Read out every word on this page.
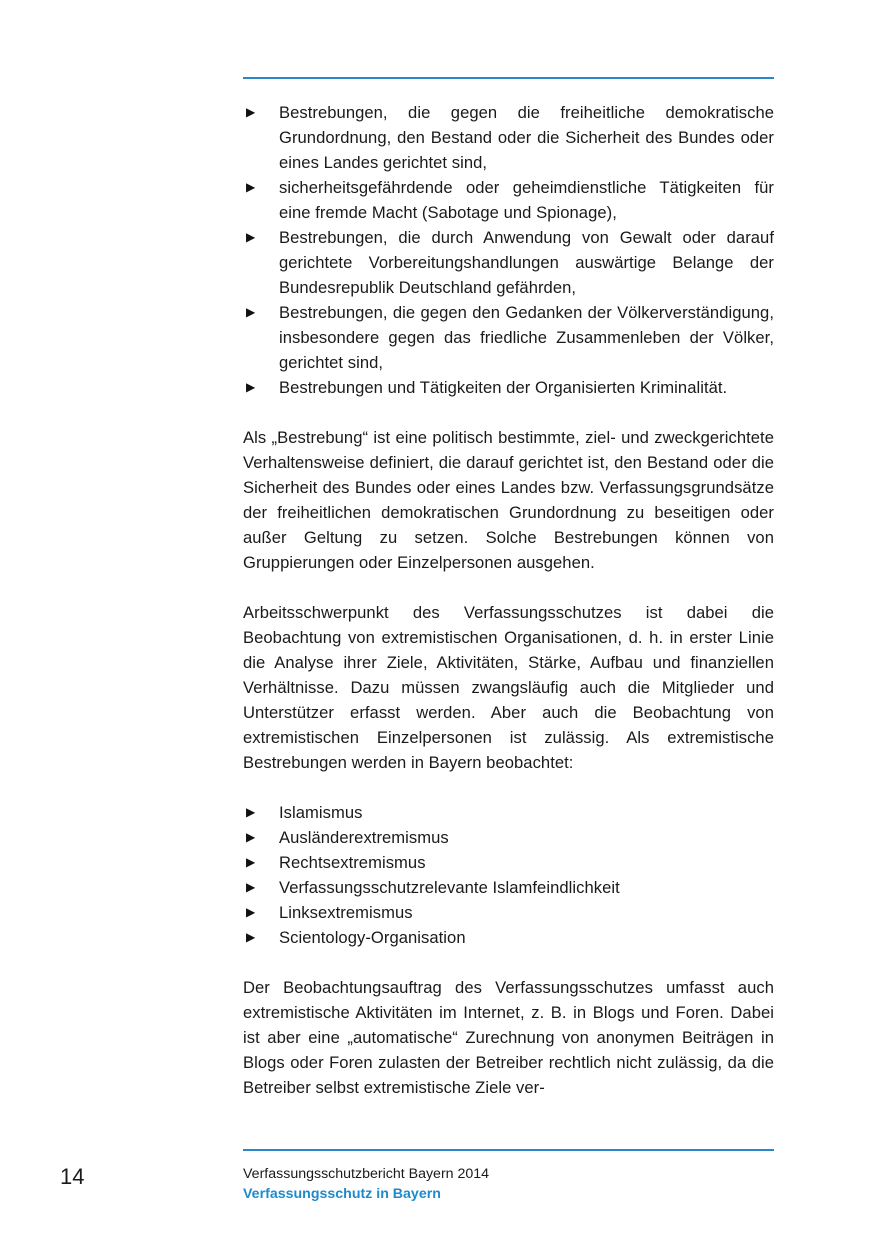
▶ Bestrebungen, die gegen die freiheitliche demokratische Grundordnung, den Bestand oder die Sicherheit des Bundes oder eines Landes gerichtet sind,
▶ sicherheitsgefährdende oder geheimdienstliche Tätigkeiten für eine fremde Macht (Sabotage und Spionage),
▶ Bestrebungen, die durch Anwendung von Gewalt oder darauf gerichtete Vorbereitungshandlungen auswärtige Belange der Bundesrepublik Deutschland gefährden,
▶ Bestrebungen, die gegen den Gedanken der Völkerverständigung, insbesondere gegen das friedliche Zusammenleben der Völker, gerichtet sind,
▶ Bestrebungen und Tätigkeiten der Organisierten Kriminalität.

Als „Bestrebung“ ist eine politisch bestimmte, ziel- und zweckgerichtete Verhaltensweise definiert, die darauf gerichtet ist, den Bestand oder die Sicherheit des Bundes oder eines Landes bzw. Verfassungsgrundsätze der freiheitlichen demokratischen Grundordnung zu beseitigen oder außer Geltung zu setzen. Solche Bestrebungen können von Gruppierungen oder Einzelpersonen ausgehen.

Arbeitsschwerpunkt des Verfassungsschutzes ist dabei die Beobachtung von extremistischen Organisationen, d. h. in erster Linie die Analyse ihrer Ziele, Aktivitäten, Stärke, Aufbau und finanziellen Verhältnisse. Dazu müssen zwangsläufig auch die Mitglieder und Unterstützer erfasst werden. Aber auch die Beobachtung von extremistischen Einzelpersonen ist zulässig. Als extremistische Bestrebungen werden in Bayern beobachtet:

▶ Islamismus
▶ Ausländerextremismus
▶ Rechtsextremismus
▶ Verfassungsschutzrelevante Islamfeindlichkeit
▶ Linksextremismus
▶ Scientology-Organisation

Der Beobachtungsauftrag des Verfassungsschutzes umfasst auch extremistische Aktivitäten im Internet, z. B. in Blogs und Foren. Dabei ist aber eine „automatische“ Zurechnung von anonymen Beiträgen in Blogs oder Foren zulasten der Betreiber rechtlich nicht zulässig, da die Betreiber selbst extremistische Ziele ver-

14	Verfassungsschutzbericht Bayern 2014
Verfassungsschutz in Bayern
